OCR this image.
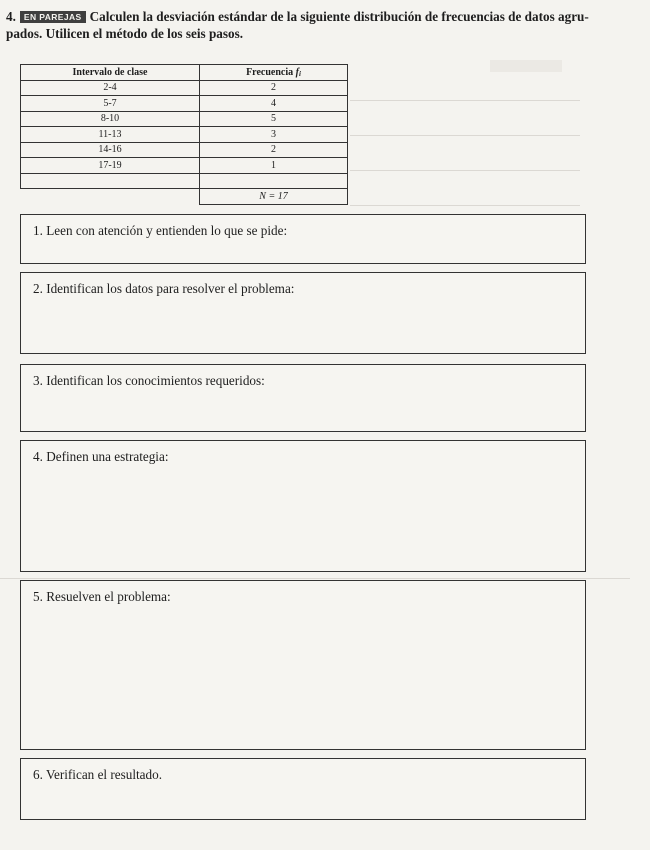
4. EN PAREJAS Calculen la desviación estándar de la siguiente distribución de frecuencias de datos agru-
pados. Utilicen el método de los seis pasos.
Intervalo de clase	Frecuencia fi
2-4	2
5-7	4
8-10	5
11-13	3
14-16	2
17-19	1

	N = 17
1. Leen con atención y entienden lo que se pide:
2. Identifican los datos para resolver el problema:
3. Identifican los conocimientos requeridos:
4. Definen una estrategia:
5. Resuelven el problema:
6. Verifican el resultado.
